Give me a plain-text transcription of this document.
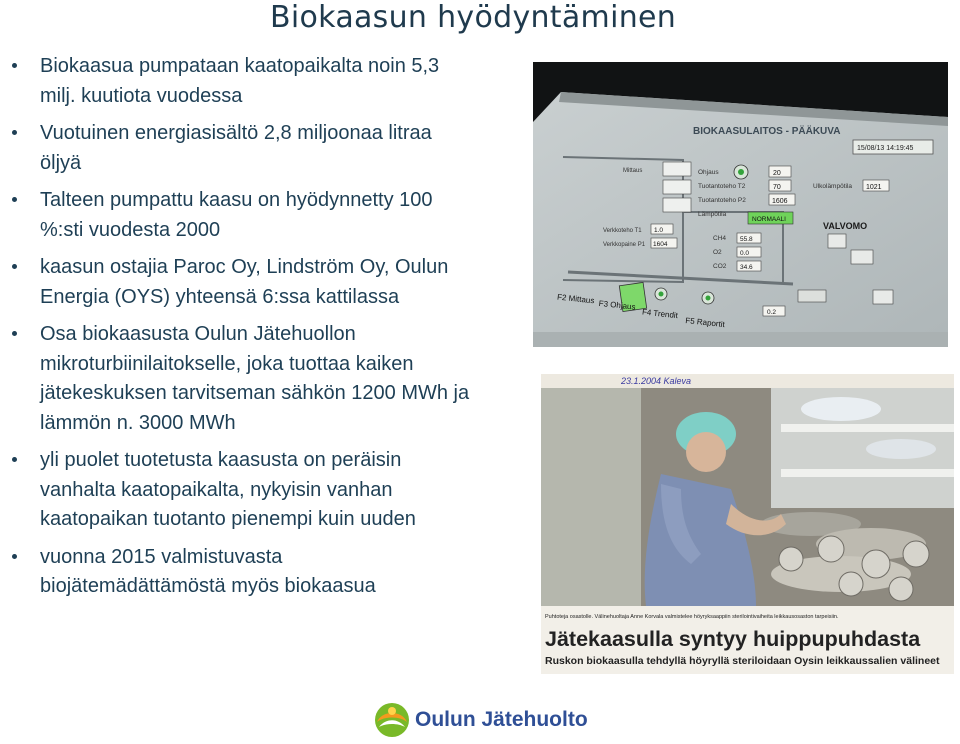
Biokaasun hyödyntäminen
Biokaasua pumpataan kaatopaikalta noin 5,3 milj. kuutiota vuodessa
Vuotuinen energiasisältö 2,8 miljoonaa litraa öljyä
Talteen pumpattu kaasu on hyödynnetty 100 %:sti vuodesta 2000
kaasun ostajia Paroc Oy, Lindström Oy, Oulun Energia (OYS) yhteensä 6:ssa kattilassa
Osa biokaasusta Oulun Jätehuollon mikroturbiinilaitokselle, joka tuottaa kaiken jätekeskuksen tarvitseman sähkön 1200 MWh ja lämmön n. 3000 MWh
yli puolet tuotetusta kaasusta on peräisin vanhalta kaatopaikalta, nykyisin vanhan kaatopaikan tuotanto pienempi kuin uuden
vuonna 2015 valmistuvasta biojätemädättämöstä myös biokaasua
BIOKAASULAITOS - PÄÄKUVA
15/08/13 14:19:45
Mittaus	Ohjaus
Tuotantoteho T2
Tuotantoteho P2
Lämpötila
20
70
1606
NORMAALI
Ulkolämpötila 1021
VALVOMO
CH4
O2
CO2
55.8
0.0
34.6
Verkkoteho T1
Verkkopaine P1
1.0
1604
0.2
F2 Mittaus F3 Ohjaus
F4 Trendit
F5 Raportit
23.1.2004 Kaleva
Puhtoteja osastolle. Välinehuoltaja Anne Korvala valmistelee höyryksaappiin sterilointivaiheita leikkausosaston tarpeisiin.
Jätekaasulla syntyy huippupuhdasta
Ruskon biokaasulla tehdyllä höyryllä steriloidaan Oysin leikkaussalien välineet
Oulun Jätehuolto
